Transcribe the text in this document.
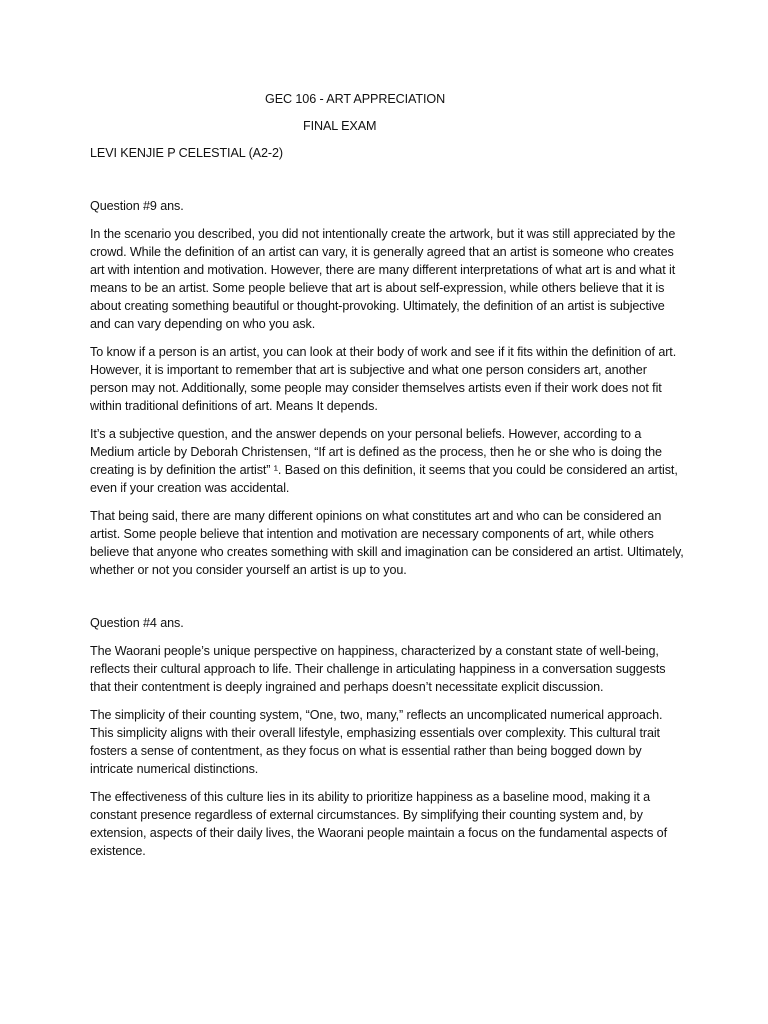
GEC 106 - ART APPRECIATION

FINAL EXAM

LEVI KENJIE P CELESTIAL (A2-2)

Question #9 ans.

In the scenario you described, you did not intentionally create the artwork, but it was still appreciated by the crowd. While the definition of an artist can vary, it is generally agreed that an artist is someone who creates art with intention and motivation. However, there are many different interpretations of what art is and what it means to be an artist. Some people believe that art is about self-expression, while others believe that it is about creating something beautiful or thought-provoking. Ultimately, the definition of an artist is subjective and can vary depending on who you ask.

To know if a person is an artist, you can look at their body of work and see if it fits within the definition of art. However, it is important to remember that art is subjective and what one person considers art, another person may not. Additionally, some people may consider themselves artists even if their work does not fit within traditional definitions of art. Means It depends.

It’s a subjective question, and the answer depends on your personal beliefs. However, according to a Medium article by Deborah Christensen, “If art is defined as the process, then he or she who is doing the creating is by definition the artist” ¹. Based on this definition, it seems that you could be considered an artist, even if your creation was accidental.

That being said, there are many different opinions on what constitutes art and who can be considered an artist. Some people believe that intention and motivation are necessary components of art, while others believe that anyone who creates something with skill and imagination can be considered an artist. Ultimately, whether or not you consider yourself an artist is up to you.

Question #4 ans.

The Waorani people’s unique perspective on happiness, characterized by a constant state of well-being, reflects their cultural approach to life. Their challenge in articulating happiness in a conversation suggests that their contentment is deeply ingrained and perhaps doesn’t necessitate explicit discussion.

The simplicity of their counting system, “One, two, many,” reflects an uncomplicated numerical approach. This simplicity aligns with their overall lifestyle, emphasizing essentials over complexity. This cultural trait fosters a sense of contentment, as they focus on what is essential rather than being bogged down by intricate numerical distinctions.

The effectiveness of this culture lies in its ability to prioritize happiness as a baseline mood, making it a constant presence regardless of external circumstances. By simplifying their counting system and, by extension, aspects of their daily lives, the Waorani people maintain a focus on the fundamental aspects of existence.
